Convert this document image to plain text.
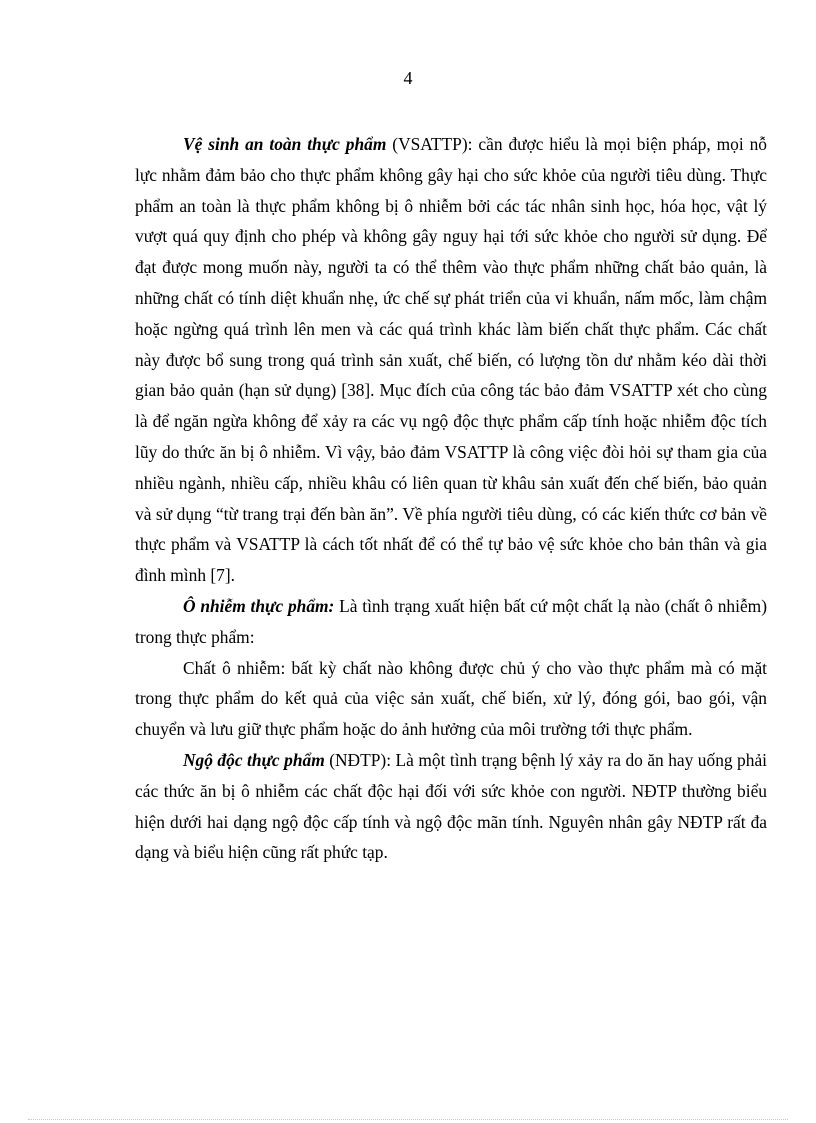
4

Vệ sinh an toàn thực phẩm (VSATTP): cần được hiểu là mọi biện pháp, mọi nỗ lực nhằm đảm bảo cho thực phẩm không gây hại cho sức khỏe của người tiêu dùng. Thực phẩm an toàn là thực phẩm không bị ô nhiễm bởi các tác nhân sinh học, hóa học, vật lý vượt quá quy định cho phép và không gây nguy hại tới sức khỏe cho người sử dụng. Để đạt được mong muốn này, người ta có thể thêm vào thực phẩm những chất bảo quản, là những chất có tính diệt khuẩn nhẹ, ức chế sự phát triển của vi khuẩn, nấm mốc, làm chậm hoặc ngừng quá trình lên men và các quá trình khác làm biến chất thực phẩm. Các chất này được bổ sung trong quá trình sản xuất, chế biến, có lượng tồn dư nhằm kéo dài thời gian bảo quản (hạn sử dụng) [38]. Mục đích của công tác bảo đảm VSATTP xét cho cùng là để ngăn ngừa không để xảy ra các vụ ngộ độc thực phẩm cấp tính hoặc nhiễm độc tích lũy do thức ăn bị ô nhiễm. Vì vậy, bảo đảm VSATTP là công việc đòi hỏi sự tham gia của nhiều ngành, nhiều cấp, nhiều khâu có liên quan từ khâu sản xuất đến chế biến, bảo quản và sử dụng “từ trang trại đến bàn ăn”. Về phía người tiêu dùng, có các kiến thức cơ bản về thực phẩm và VSATTP là cách tốt nhất để có thể tự bảo vệ sức khỏe cho bản thân và gia đình mình [7].

Ô nhiễm thực phẩm: Là tình trạng xuất hiện bất cứ một chất lạ nào (chất ô nhiễm) trong thực phẩm:

Chất ô nhiễm: bất kỳ chất nào không được chủ ý cho vào thực phẩm mà có mặt trong thực phẩm do kết quả của việc sản xuất, chế biến, xử lý, đóng gói, bao gói, vận chuyển và lưu giữ thực phẩm hoặc do ảnh hưởng của môi trường tới thực phẩm.

Ngộ độc thực phẩm (NĐTP): Là một tình trạng bệnh lý xảy ra do ăn hay uống phải các thức ăn bị ô nhiễm các chất độc hại đối với sức khỏe con người. NĐTP thường biểu hiện dưới hai dạng ngộ độc cấp tính và ngộ độc mãn tính. Nguyên nhân gây NĐTP rất đa dạng và biểu hiện cũng rất phức tạp.
